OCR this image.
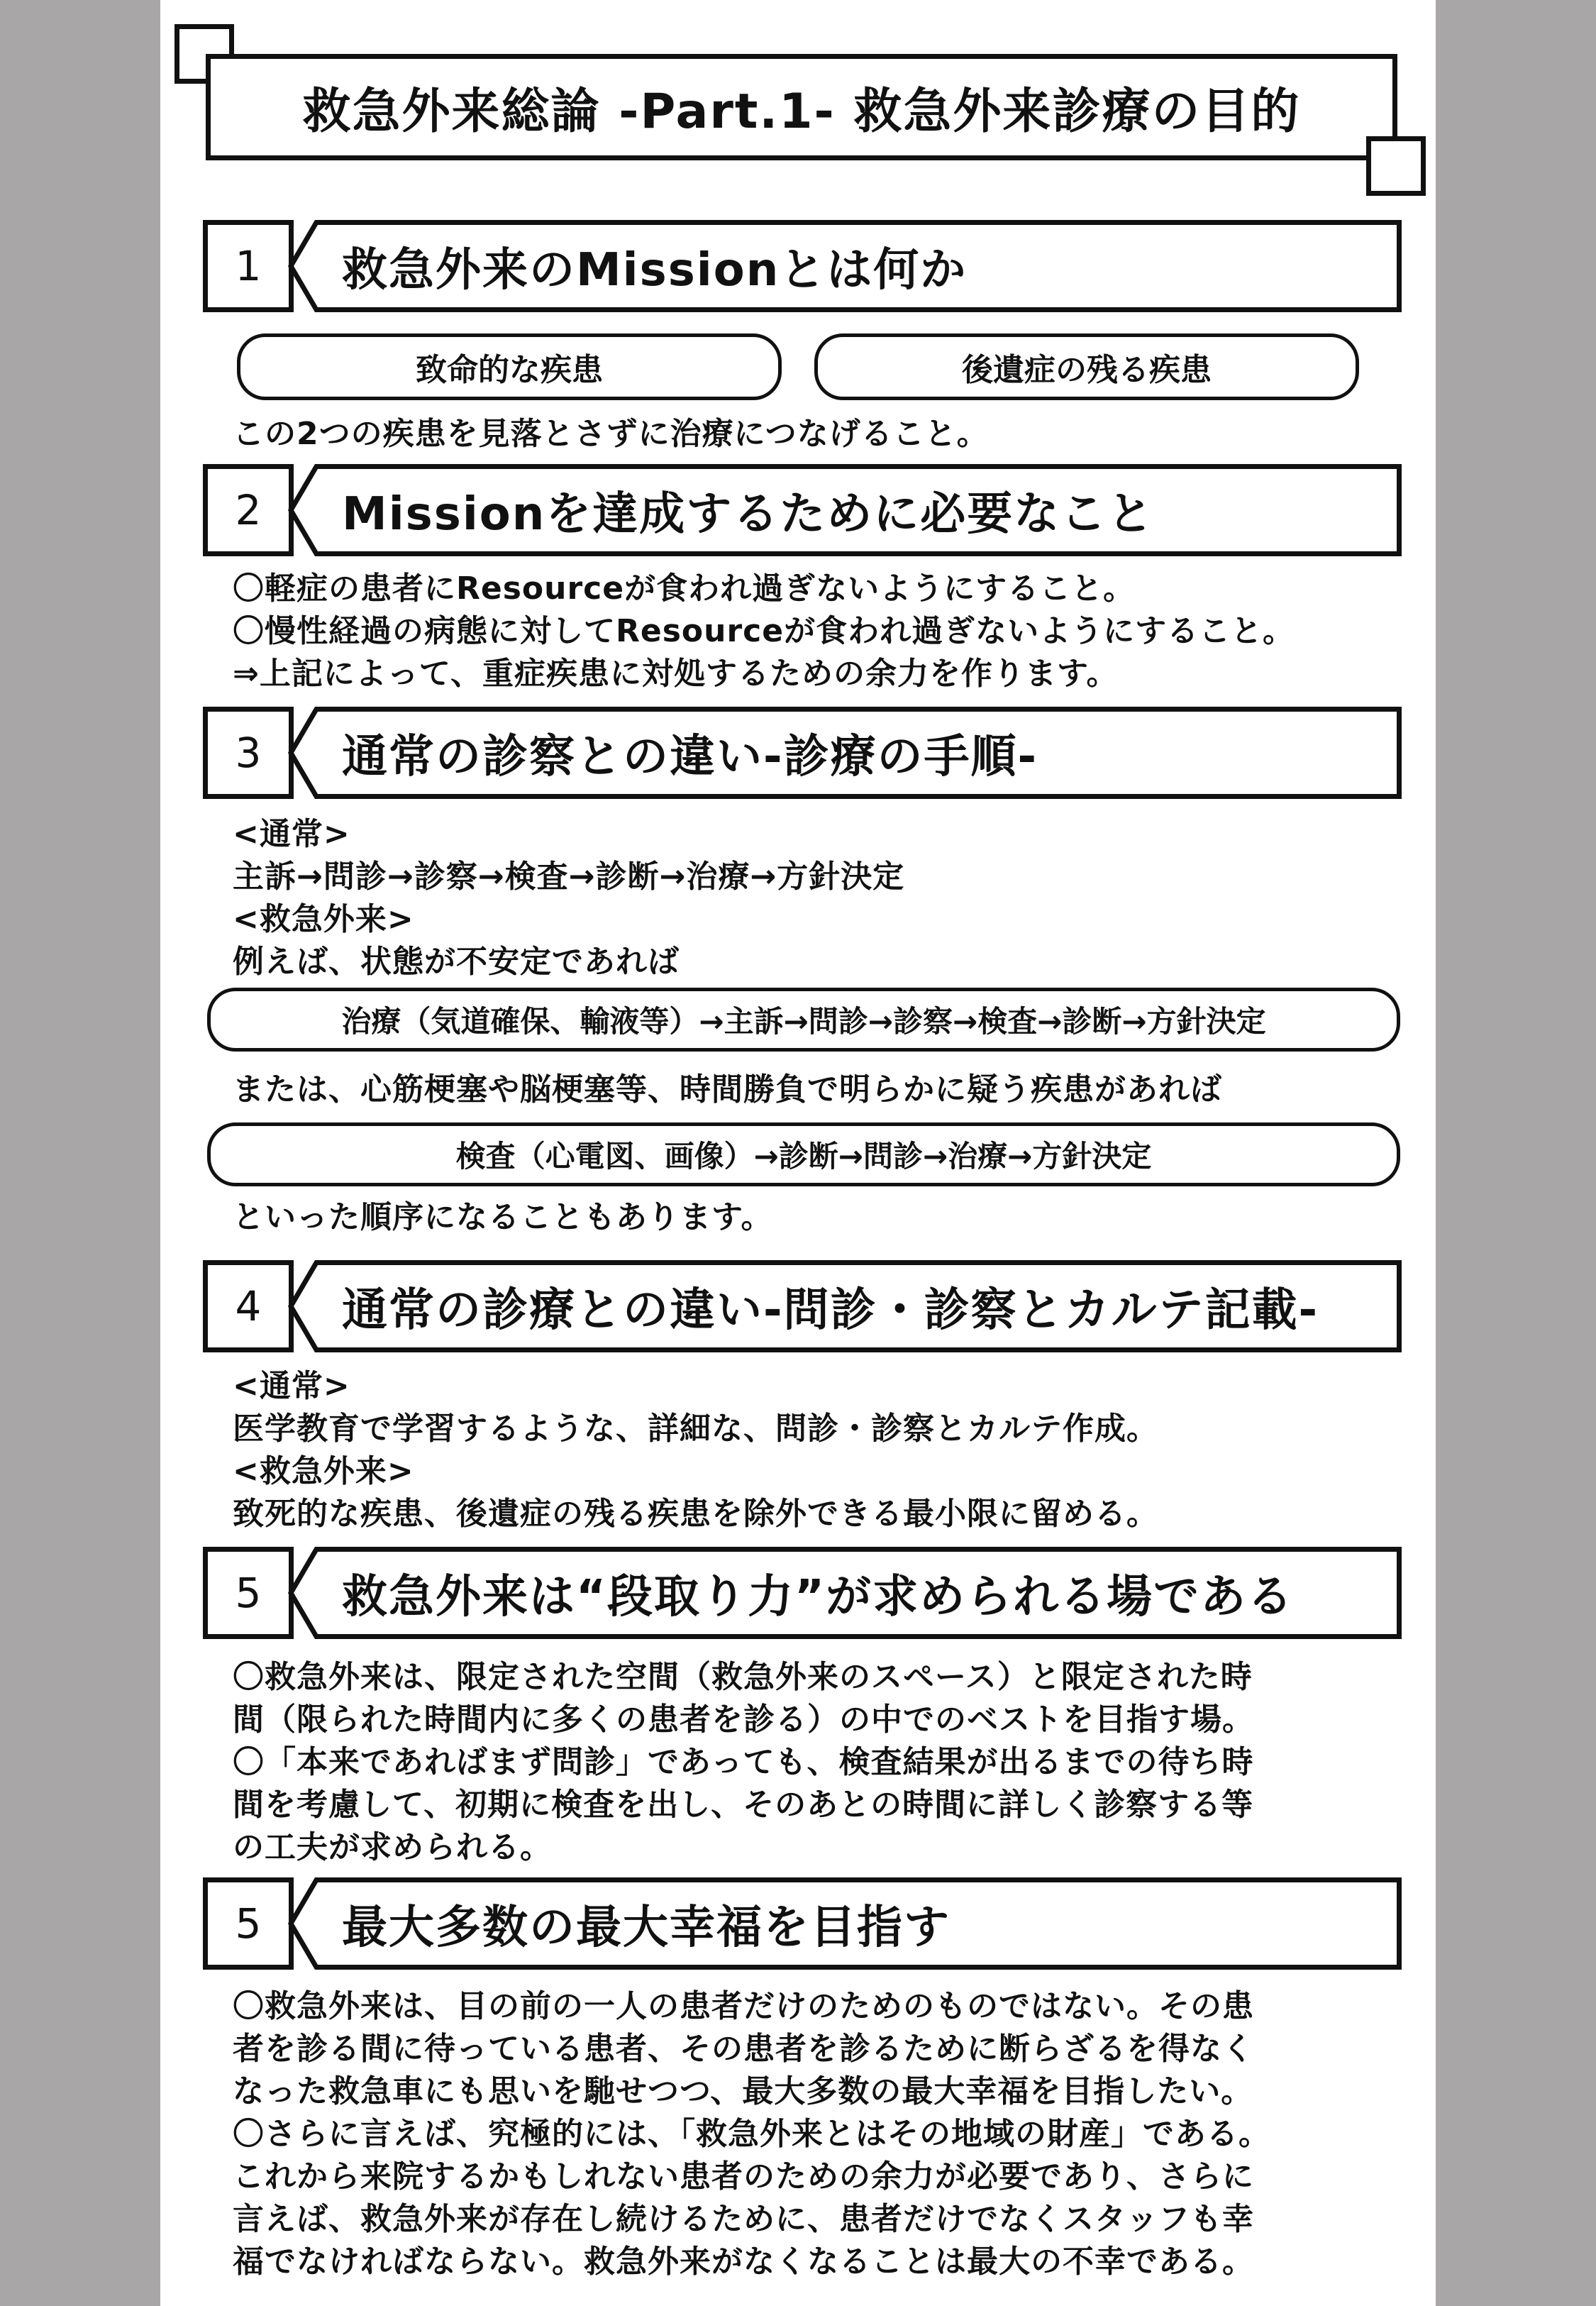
救急外来総論 -Part.1- 救急外来診療の目的
1	救急外来のMissionとは何か
致命的な疾患	後遺症の残る疾患
この2つの疾患を見落とさずに治療につなげること。
2	Missionを達成するために必要なこと
〇軽症の患者にResourceが食われ過ぎないようにすること。
〇慢性経過の病態に対してResourceが食われ過ぎないようにすること。
⇒上記によって、重症疾患に対処するための余力を作ります。
3	通常の診察との違い-診療の手順-
<通常>
主訴→問診→診察→検査→診断→治療→方針決定
<救急外来>
例えば、状態が不安定であれば
治療（気道確保、輸液等）→主訴→問診→診察→検査→診断→方針決定
または、心筋梗塞や脳梗塞等、時間勝負で明らかに疑う疾患があれば
検査（心電図、画像）→診断→問診→治療→方針決定
といった順序になることもあります。
4	通常の診療との違い-問診・診察とカルテ記載-
<通常>
医学教育で学習するような、詳細な、問診・診察とカルテ作成。
<救急外来>
致死的な疾患、後遺症の残る疾患を除外できる最小限に留める。
5	救急外来は“段取り力”が求められる場である
〇救急外来は、限定された空間（救急外来のスペース）と限定された時
間（限られた時間内に多くの患者を診る）の中でのベストを目指す場。
〇「本来であればまず問診」であっても、検査結果が出るまでの待ち時
間を考慮して、初期に検査を出し、そのあとの時間に詳しく診察する等
の工夫が求められる。
5	最大多数の最大幸福を目指す
〇救急外来は、目の前の一人の患者だけのためのものではない。その患
者を診る間に待っている患者、その患者を診るために断らざるを得なく
なった救急車にも思いを馳せつつ、最大多数の最大幸福を目指したい。
〇さらに言えば、究極的には、「救急外来とはその地域の財産」である。
これから来院するかもしれない患者のための余力が必要であり、さらに
言えば、救急外来が存在し続けるために、患者だけでなくスタッフも幸
福でなければならない。救急外来がなくなることは最大の不幸である。
